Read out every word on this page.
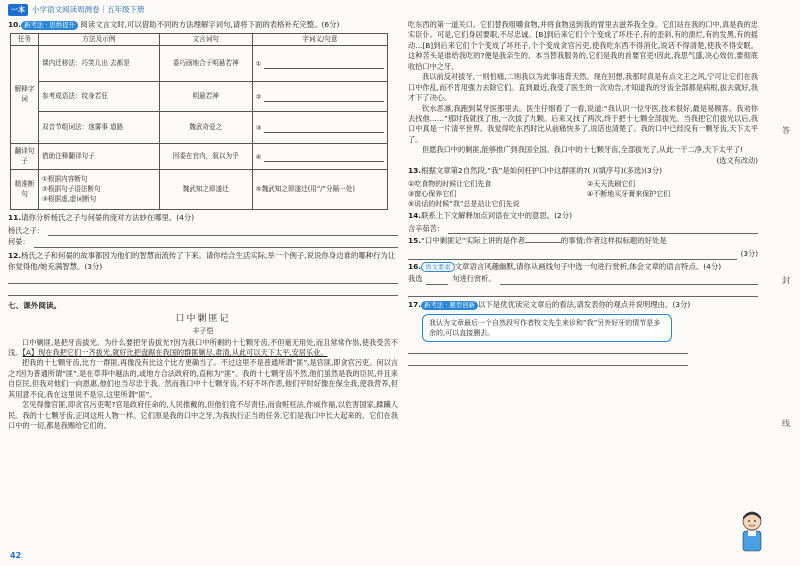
一本 小学语文阅读周测卷｜五年级下册
10. 新考法 · 思维提升 阅读文言文时,可以借助不同的方法理解字词句,请将下面的表格补充完整。(6分)
任务	方法及示例	文言词句	字词义/句意
解释字词	课内迁移法：巧笑儿出 去都是	委巧画地合于明悬若神	①

	参考成语法：纹身若狂	明悬若神	②

	双音节组词法：迷雾事 道路	魏武奇爱之	③

翻译句子	借助注释翻译句子	因委在官内，叙以为乎	④

精准断句	①根据内容断句
②根据句子语法断句
③根据虚,虚词断句	魏武知之即遂迁	⑤魏武知之即遂迁(用“/”分隔一处)
11.请你分析杨氏之子与何晏的庞对方法妙在哪里。(4分)
杨氏之子：
何晏：
12.杨氏之子和何晏的故事都因为他们的智慧而流传了下来。请你结合生活实际,举一个例子,说说你身边谁的哪种行为让你觉得他/她充满智慧。(3分)
七、课外阅读。
口中剿匪记
丰子恺

口中剿匪,是把牙齿拔光。为什么要把牙齿拔光?因为我口中所剩的十七颗牙齿,不但毫无用处,而且常常作祟,使我受苦不浅。【A】现在我把它们一齐拔光,就好比把盘踞在我国的群匪剿尽,肃清,从此可以天下太平,安居乐业。

把我的十七颗牙齿,比方一群匪,再像没有比这个比方更确当了。不过这里不是普通所谓“匪”,是官匪,即贪官污吏。何以言之?因为普通所谓“匪”,是在草莽中越法的,或地方合法政府的,直称为“匪”。我的十七颗牙齿不然,他们虽然是我的臣民,并且来自臣民,但我对他们一向恩惠,他们也当尽忠于我。然而我口中十七颗牙齿,不好不坏作恶,他们平时好像在保全我,使我营养,但其用意不良,我在这里说不是宗,这里所谓“匪”。

怎见得像官匪,即贪官污吏呢?官是政府任命的,人民推戴的,但他们竟不尽责任,而食赃枉法,作威作福,以危害国家,蹂躏人民。我的十七颗牙齿,正同这班人物一样。它们原是我的口中之牙,为我执行正当的任务,它们是我口中长大起来的。它们在我口中的一切,都是我赐给它们的。

吃东西的第一道关口。它们替我咀嚼食物,并将食物送到我的胃里去滋养我全身。它们站在我的口中,真是我的忠实臣仆。可是,它们身居要职,不尽忠诚。[B]到后来它们个个变成了坏坯子,有的歪斜,有的溃烂,有的发黑,有的摇动…[B]到后来它们个个变成了坏坯子,个个变成贪官污吏,使我吃东西不得消化,说话不得清楚,使我不得安眠。这种苦头是谁给我吃的?便是我亲生的、本当替我服务的,它们是我的首要官吏!因此,我思气盛,决心效仿,要彻底收拾口中之牙。

我以前反对拔牙,一则怕痛,二则我以为此事违背天然。现在回想,我那时真是有点文王之风,宁可让它们在我口中作乱,而不肯用强力去除它们。直到最近,我受了医生的一次劝告,才知道我的牙齿全部都是病根,拔去就好,我才下了决心。

钦水恶凛,我跑到某牙医那里去。医生仔细看了一看,说道:“我认识一位牙医,技术很好,最是易顾客。我劝你去找他……”那时我就找了他,一次拔了九颗。后来又找了两次,终于把十七颗全部拔光。当我把它们拔光以后,我口中真是一片清平世界。我觉得吃东西时比从前痛快多了,说话也清楚了。我的口中已经没有一颗牙齿,天下太平了。

但愿我口中的剿匪,能够推广到我国全国。我口中的十七颗牙齿,全部拔光了,从此一干二净,天下太平了!

(选文有改动)
13.根据文章第2自然段,“我”是如何枉护口中这群匪的?( )(填序号)(多选)(3分)
①吃食物的时候让它们先食	②天天洗刷它们
③窗心保养它们	④不断地买牙膏来保护它们
⑤说话的时候“我”总是站让它们先说
14.联系上下文解释加点词语在文中的意思。(2分)
含辛茹苦：
15.“口中剿匪记”实际上讲的是作者	的事情;作者这样拟标题的好处是
(3分)
16. 语文要素 文章语言风趣幽默,请你从画线句子中选一句进行赏析,体会文章的语言特点。(4分)
我选	句进行赏析。
17. 新考法 · 题型创新 以下是优优读完文章后的看法,请发表你的观点并说明理由。(3分)
我认为文章最后一个自然段写作者牧文先生来诊和“我”另外好牙的情节是多余的,可以直接删去。
答
封
线
42
